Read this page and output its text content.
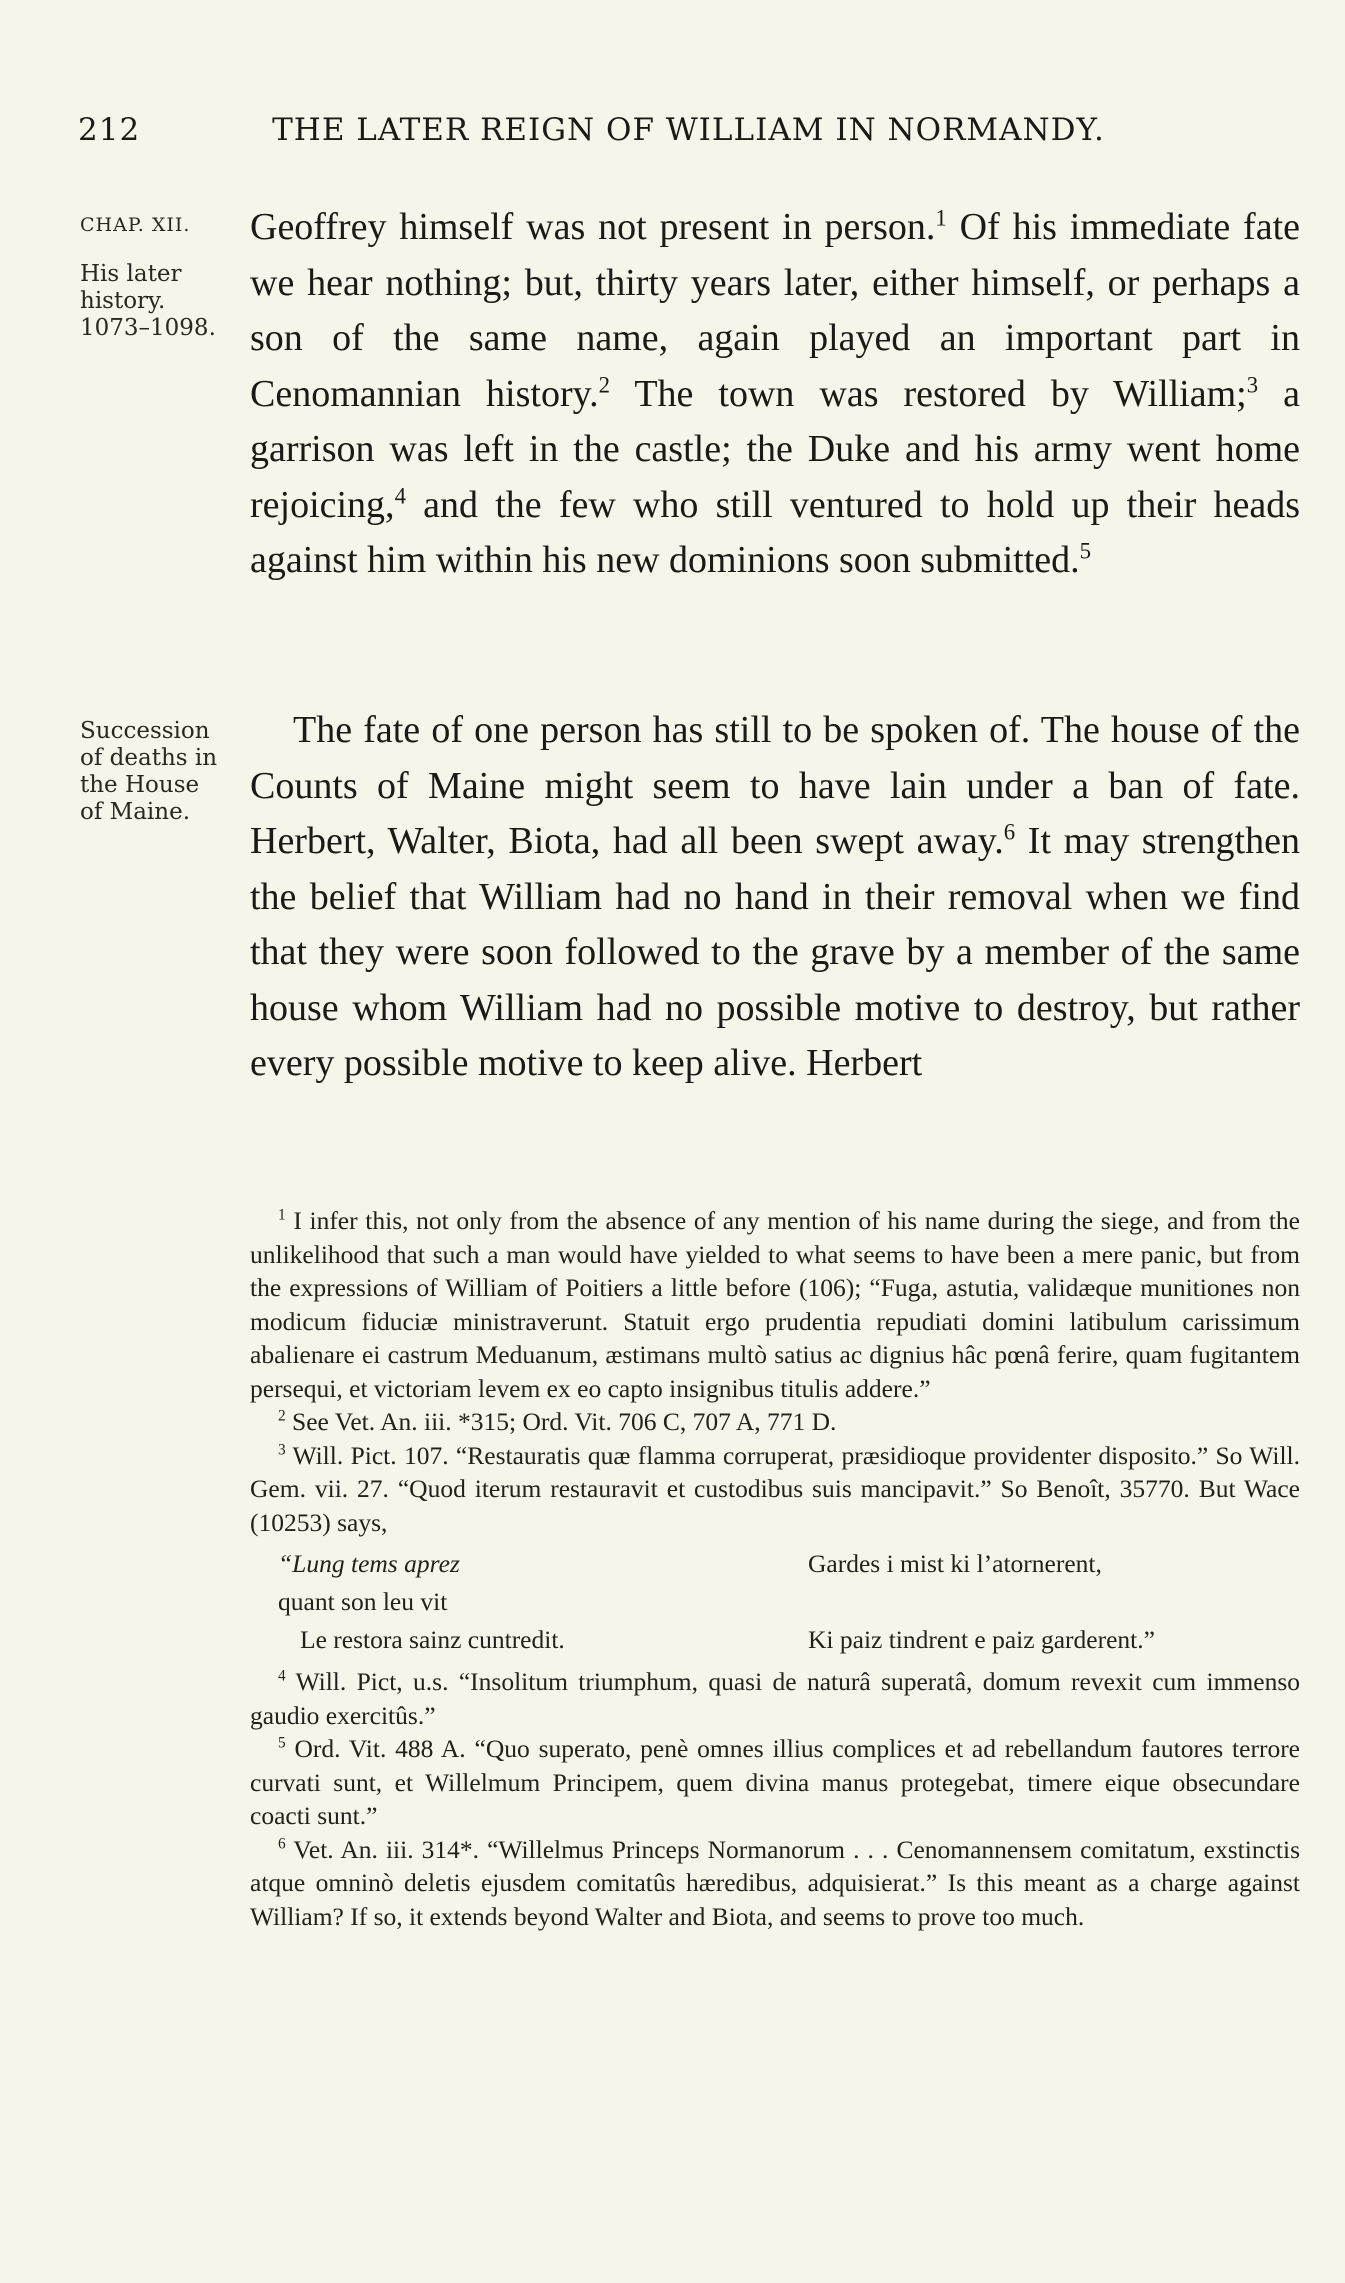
212	THE LATER REIGN OF WILLIAM IN NORMANDY.
CHAP. XII.
His later
history.
1073–1098.
Succession
of deaths in
the House
of Maine.

Geoffrey himself was not present in person.$^1$ Of his immediate fate we hear nothing; but, thirty years later, either himself, or perhaps a son of the same name, again played an important part in Cenomannian history.$^2$ The town was restored by William;$^3$ a garrison was left in the castle; the Duke and his army went home rejoicing,$^4$ and the few who still ventured to hold up their heads against him within his new dominions soon submitted.$^5$

The fate of one person has still to be spoken of. The house of the Counts of Maine might seem to have lain under a ban of fate. Herbert, Walter, Biota, had all been swept away.$^6$ It may strengthen the belief that William had no hand in their removal when we find that they were soon followed to the grave by a member of the same house whom William had no possible motive to destroy, but rather every possible motive to keep alive. Herbert

$^1$ I infer this, not only from the absence of any mention of his name during the siege, and from the unlikelihood that such a man would have yielded to what seems to have been a mere panic, but from the expressions of William of Poitiers a little before (106); “Fuga, astutia, validæque munitiones non modicum fiduciæ ministraverunt. Statuit ergo prudentia repudiati domini latibulum carissimum abalienare ei castrum Meduanum, æstimans multò satius ac dignius hâc pœnâ ferire, quam fugitantem persequi, et victoriam levem ex eo capto insignibus titulis addere.”

$^2$ See Vet. An. iii. *315; Ord. Vit. 706 C, 707 A, 771 D.

$^3$ Will. Pict. 107. “Restauratis quæ flamma corruperat, præsidioque providenter disposito.” So Will. Gem. vii. 27. “Quod iterum restauravit et custodibus suis mancipavit.” So Benoît, 35770. But Wace (10253) says,

“Lung tems aprez
quant son leu vit
Gardes i mist ki l’atornerent,
Le restora sainz cuntredit.	Ki paiz tindrent e paiz garderent.”

$^4$ Will. Pict, u.s. “Insolitum triumphum, quasi de naturâ superatâ, domum revexit cum immenso gaudio exercitûs.”

$^5$ Ord. Vit. 488 A. “Quo superato, penè omnes illius complices et ad rebellandum fautores terrore curvati sunt, et Willelmum Principem, quem divina manus protegebat, timere eique obsecundare coacti sunt.”

$^6$ Vet. An. iii. 314*. “Willelmus Princeps Normanorum . . . Cenomannensem comitatum, exstinctis atque omninò deletis ejusdem comitatûs hæredibus, adquisierat.” Is this meant as a charge against William? If so, it extends beyond Walter and Biota, and seems to prove too much.
